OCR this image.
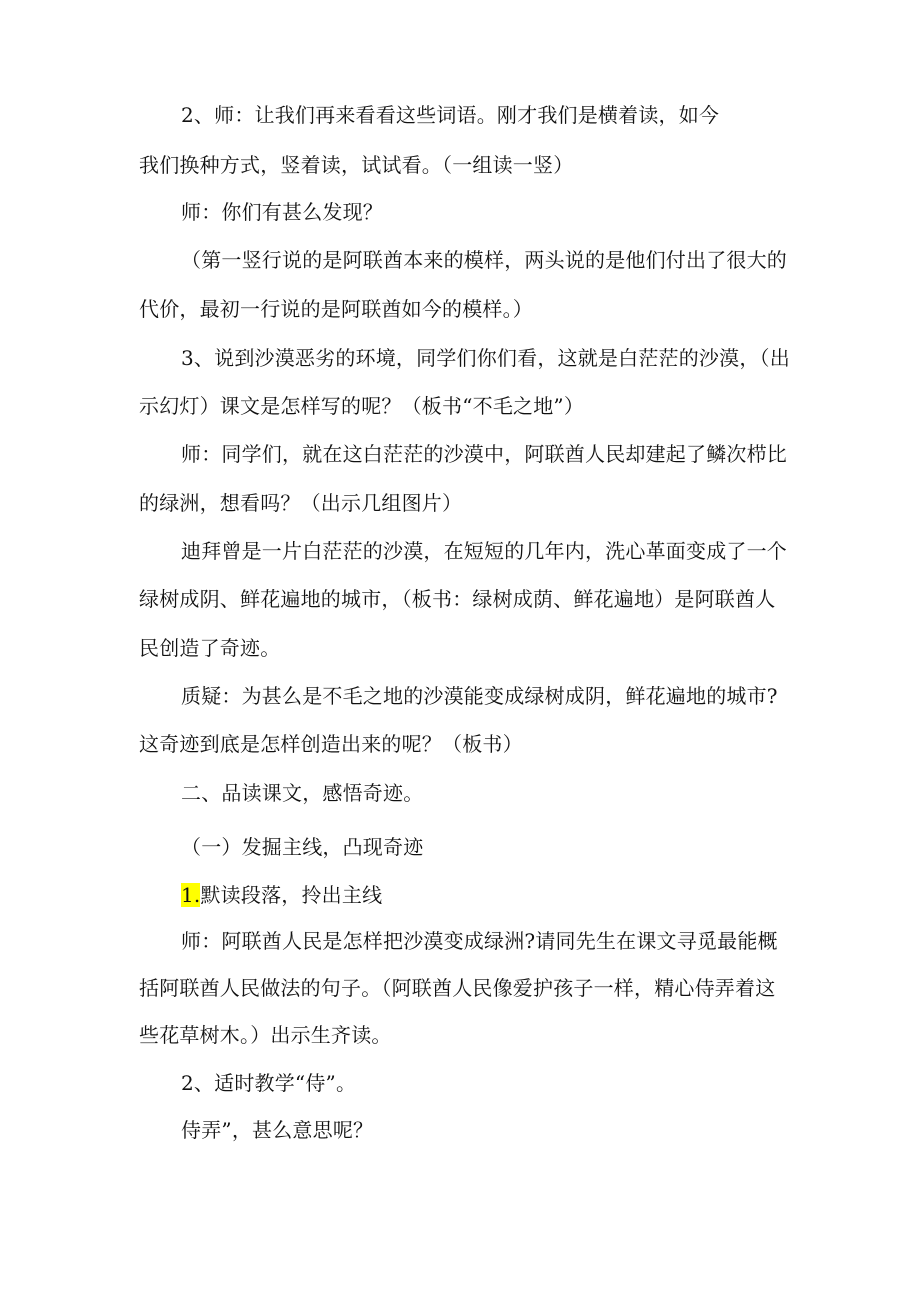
2、师：让我们再来看看这些词语。刚才我们是横着读，如今
我们换种方式，竖着读，试试看。（一组读一竖）
师：你们有甚么发现？
（第一竖行说的是阿联酋本来的模样，两头说的是他们付出了很大的
代价，最初一行说的是阿联酋如今的模样。）
3、说到沙漠恶劣的环境，同学们你们看，这就是白茫茫的沙漠，（出
示幻灯）课文是怎样写的呢？（板书“不毛之地”）
师：同学们，就在这白茫茫的沙漠中，阿联酋人民却建起了鳞次栉比
的绿洲，想看吗？（出示几组图片）
迪拜曾是一片白茫茫的沙漠，在短短的几年内，洗心革面变成了一个
绿树成阴、鲜花遍地的城市，（板书：绿树成荫、鲜花遍地）是阿联酋人
民创造了奇迹。
质疑：为甚么是不毛之地的沙漠能变成绿树成阴，鲜花遍地的城市?
这奇迹到底是怎样创造出来的呢？（板书）
二、品读课文，感悟奇迹。
（一）发掘主线，凸现奇迹
1.默读段落，拎出主线
师：阿联酋人民是怎样把沙漠变成绿洲?请同先生在课文寻觅最能概
括阿联酋人民做法的句子。（阿联酋人民像爱护孩子一样，精心侍弄着这
些花草树木。）出示生齐读。
2、适时教学“侍”。
侍弄”，甚么意思呢？
